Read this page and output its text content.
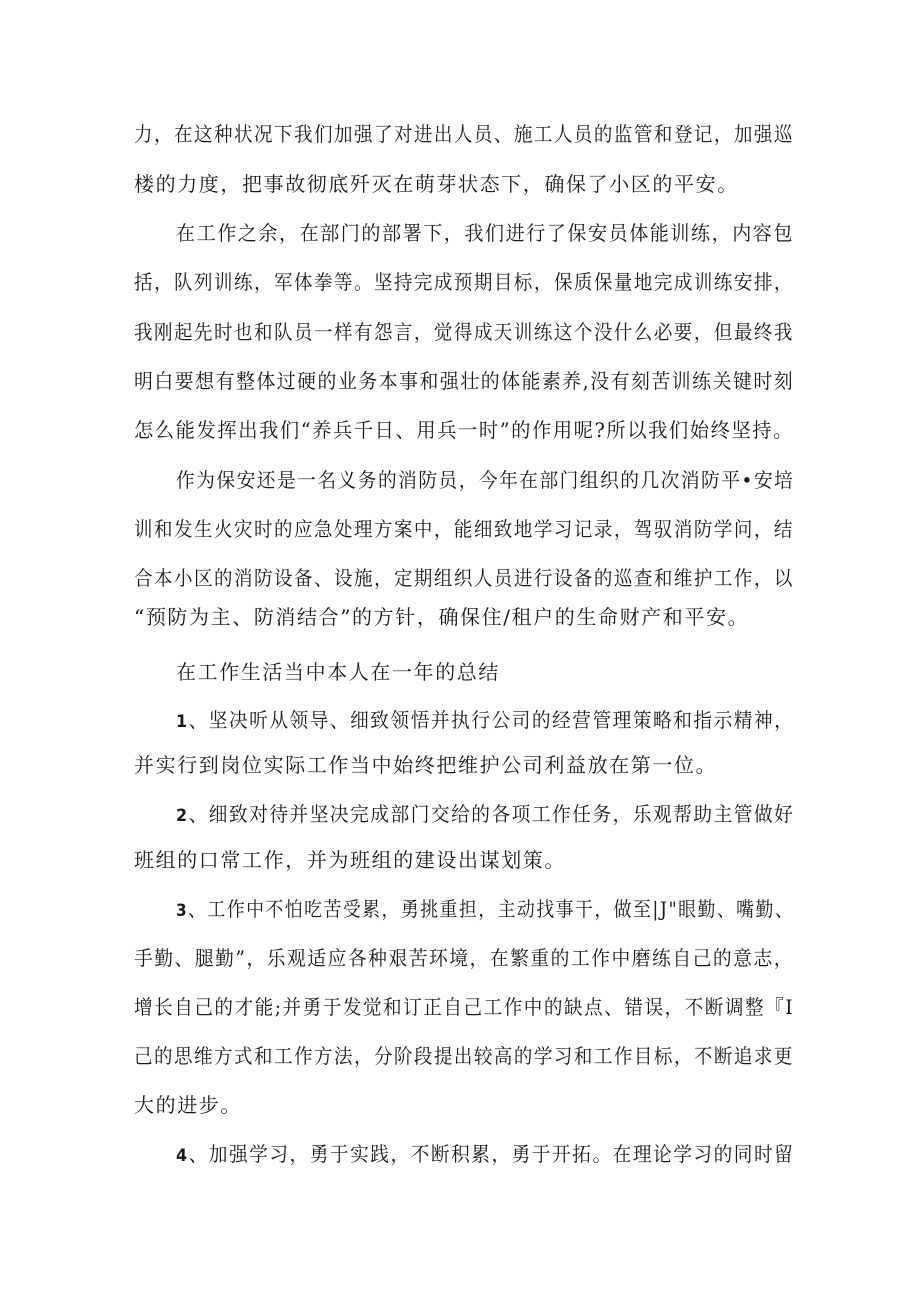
力，在这种状况下我们加强了对进出人员、施工人员的监管和登记，加强巡
楼的力度，把事故彻底歼灭在萌芽状态下，确保了小区的平安。
在工作之余，在部门的部署下，我们进行了保安员体能训练，内容包
括，队列训练，军体拳等。坚持完成预期目标，保质保量地完成训练安排，
我刚起先时也和队员一样有怨言，觉得成天训练这个没什么必要，但最终我
明白要想有整体过硬的业务本事和强壮的体能素养,没有刻苦训练关键时刻
怎么能发挥出我们“养兵千日、用兵一时”的作用呢?所以我们始终坚持。
作为保安还是一名义务的消防员，今年在部门组织的几次消防平•安培
训和发生火灾时的应急处理方案中，能细致地学习记录，驾驭消防学问，结
合本小区的消防设备、设施，定期组织人员进行设备的巡查和维护工作，以
“预防为主、防消结合”的方针，确保住/租户的生命财产和平安。
在工作生活当中本人在一年的总结
1、坚决听从领导、细致领悟并执行公司的经营管理策略和指示精神，
并实行到岗位实际工作当中始终把维护公司利益放在第一位。
2、细致对待并坚决完成部门交给的各项工作任务，乐观帮助主管做好
班组的口常工作，并为班组的建设出谋划策。
3、工作中不怕吃苦受累，勇挑重担，主动找事干，做至|J"眼勤、嘴勤、
手勤、腿勤”，乐观适应各种艰苦环境，在繁重的工作中磨练自己的意志，
增长自己的才能;并勇于发觉和订正自己工作中的缺点、错误，不断调整『I
己的思维方式和工作方法，分阶段提出较高的学习和工作目标，不断追求更
大的进步。
4、加强学习，勇于实践，不断积累，勇于开拓。在理论学习的同时留
